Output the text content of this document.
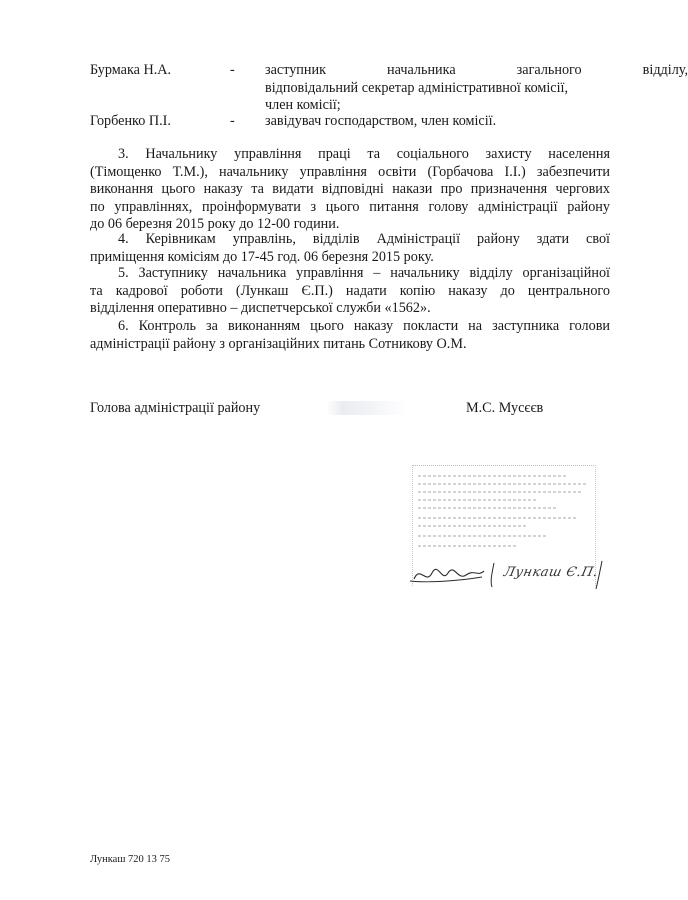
Бурмака Н.А.	- заступник начальника загального відділу,
відповідальний секретар адміністративної комісії,
член комісії;
Горбенко П.І.	- завідувач господарством, член комісії.
3. Начальнику управління праці та соціального захисту населення
(Тімощенко Т.М.), начальнику управління освіти (Горбачова І.І.) забезпечити
виконання цього наказу та видати відповідні накази про призначення чергових
по управліннях, проінформувати з цього питання голову адміністрації району
до 06 березня 2015 року до 12-00 години.
4. Керівникам управлінь, відділів Адміністрації району здати свої
приміщення комісіям до 17-45 год. 06 березня 2015 року.
5. Заступнику начальника управління – начальнику відділу організаційної
та кадрової роботи (Лункаш Є.П.) надати копію наказу до центрального
відділення оперативно – диспетчерської служби «1562».
6. Контроль за виконанням цього наказу покласти на заступника голови
адміністрації району з організаційних питань Сотникову О.М.
Голова адміністрації району	М.С. Мусєєв
Лункаш Є.П.
Лункаш 720 13 75
